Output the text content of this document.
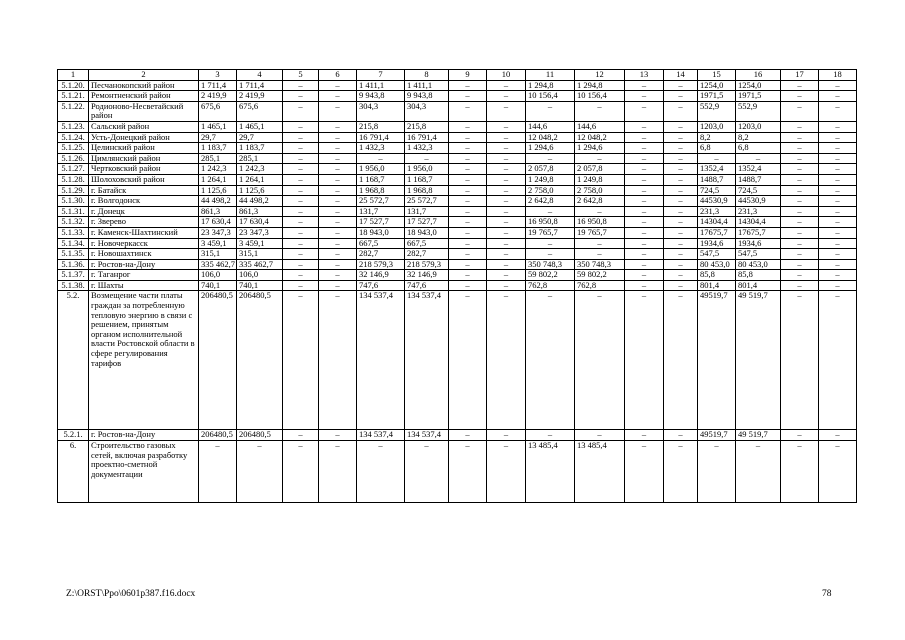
1	2	3	4	5	6	7	8	9	10	11	12	13	14	15	16	17	18
5.1.20.	Песчанокопский район	1 711,4	1 711,4	–	–	1 411,1	1 411,1	–	–	1 294,8	1 294,8	–	–	1254,0	1254,0	–	–
5.1.21.	Ремонтненский район	2 419,9	2 419,9	–	–	9 943,8	9 943,8	–	–	10 156,4	10 156,4	–	–	1971,5	1971,5	–	–
5.1.22.	Родионово-Несветайский район	675,6	675,6	–	–	304,3	304,3	–	–	–	–	–	–	552,9	552,9	–	–
5.1.23.	Сальский район	1 465,1	1 465,1	–	–	215,8	215,8	–	–	144,6	144,6	–	–	1203,0	1203,0	–	–
5.1.24.	Усть-Донецкий район	29,7	29,7	–	–	16 791,4	16 791,4	–	–	12 048,2	12 048,2	–	–	8,2	8,2	–	–
5.1.25.	Целинский район	1 183,7	1 183,7	–	–	1 432,3	1 432,3	–	–	1 294,6	1 294,6	–	–	6,8	6,8	–	–
5.1.26.	Цимлянский район	285,1	285,1	–	–	–	–	–	–	–	–	–	–	–	–	–	–
5.1.27.	Чертковский район	1 242,3	1 242,3	–	–	1 956,0	1 956,0	–	–	2 057,8	2 057,8	–	–	1352,4	1352,4	–	–
5.1.28.	Шолоховский район	1 264,1	1 264,1	–	–	1 168,7	1 168,7	–	–	1 249,8	1 249,8	–	–	1488,7	1488,7	–	–
5.1.29.	г. Батайск	1 125,6	1 125,6	–	–	1 968,8	1 968,8	–	–	2 758,0	2 758,0	–	–	724,5	724,5	–	–
5.1.30.	г. Волгодонск	44 498,2	44 498,2	–	–	25 572,7	25 572,7	–	–	2 642,8	2 642,8	–	–	44530,9	44530,9	–	–
5.1.31.	г. Донецк	861,3	861,3	–	–	131,7	131,7	–	–	–	–	–	–	231,3	231,3	–	–
5.1.32.	г. Зверево	17 630,4	17 630,4	–	–	17 527,7	17 527,7	–	–	16 950,8	16 950,8	–	–	14304,4	14304,4	–	–
5.1.33.	г. Каменск-Шахтинский	23 347,3	23 347,3	–	–	18 943,0	18 943,0	–	–	19 765,7	19 765,7	–	–	17675,7	17675,7	–	–
5.1.34.	г. Новочеркасск	3 459,1	3 459,1	–	–	667,5	667,5	–	–	–	–	–	–	1934,6	1934,6	–	–
5.1.35.	г. Новошахтинск	315,1	315,1	–	–	282,7	282,7	–	–	–	–	–	–	547,5	547,5	–	–
5.1.36.	г. Ростов-на-Дону	335 462,7	335 462,7	–	–	218 579,3	218 579,3	–	–	350 748,3	350 748,3	–	–	80 453,0	80 453,0	–	–
5.1.37.	г. Таганрог	106,0	106,0	–	–	32 146,9	32 146,9	–	–	59 802,2	59 802,2	–	–	85,8	85,8	–	–
5.1.38.	г. Шахты	740,1	740,1	–	–	747,6	747,6	–	–	762,8	762,8	–	–	801,4	801,4	–	–
5.2.	Возмещение части платы граждан за потребленную тепловую энергию в связи с решением, принятым органом исполнительной власти Ростовской области в сфере регулирования тарифов	206480,5	206480,5	–	–	134 537,4	134 537,4	–	–	–	–	–	–	49519,7	49 519,7	–	–
5.2.1.	г. Ростов-на-Дону	206480,5	206480,5	–	–	134 537,4	134 537,4	–	–	–	–	–	–	49519,7	49 519,7	–	–
6.	Строительство газовых сетей, включая разработку проектно-сметной документации	–	–	–	–	–	–	–	–	13 485,4	13 485,4	–	–	–	–	–	–
Z:\ORST\Ppo\0601p387.f16.docx	78
